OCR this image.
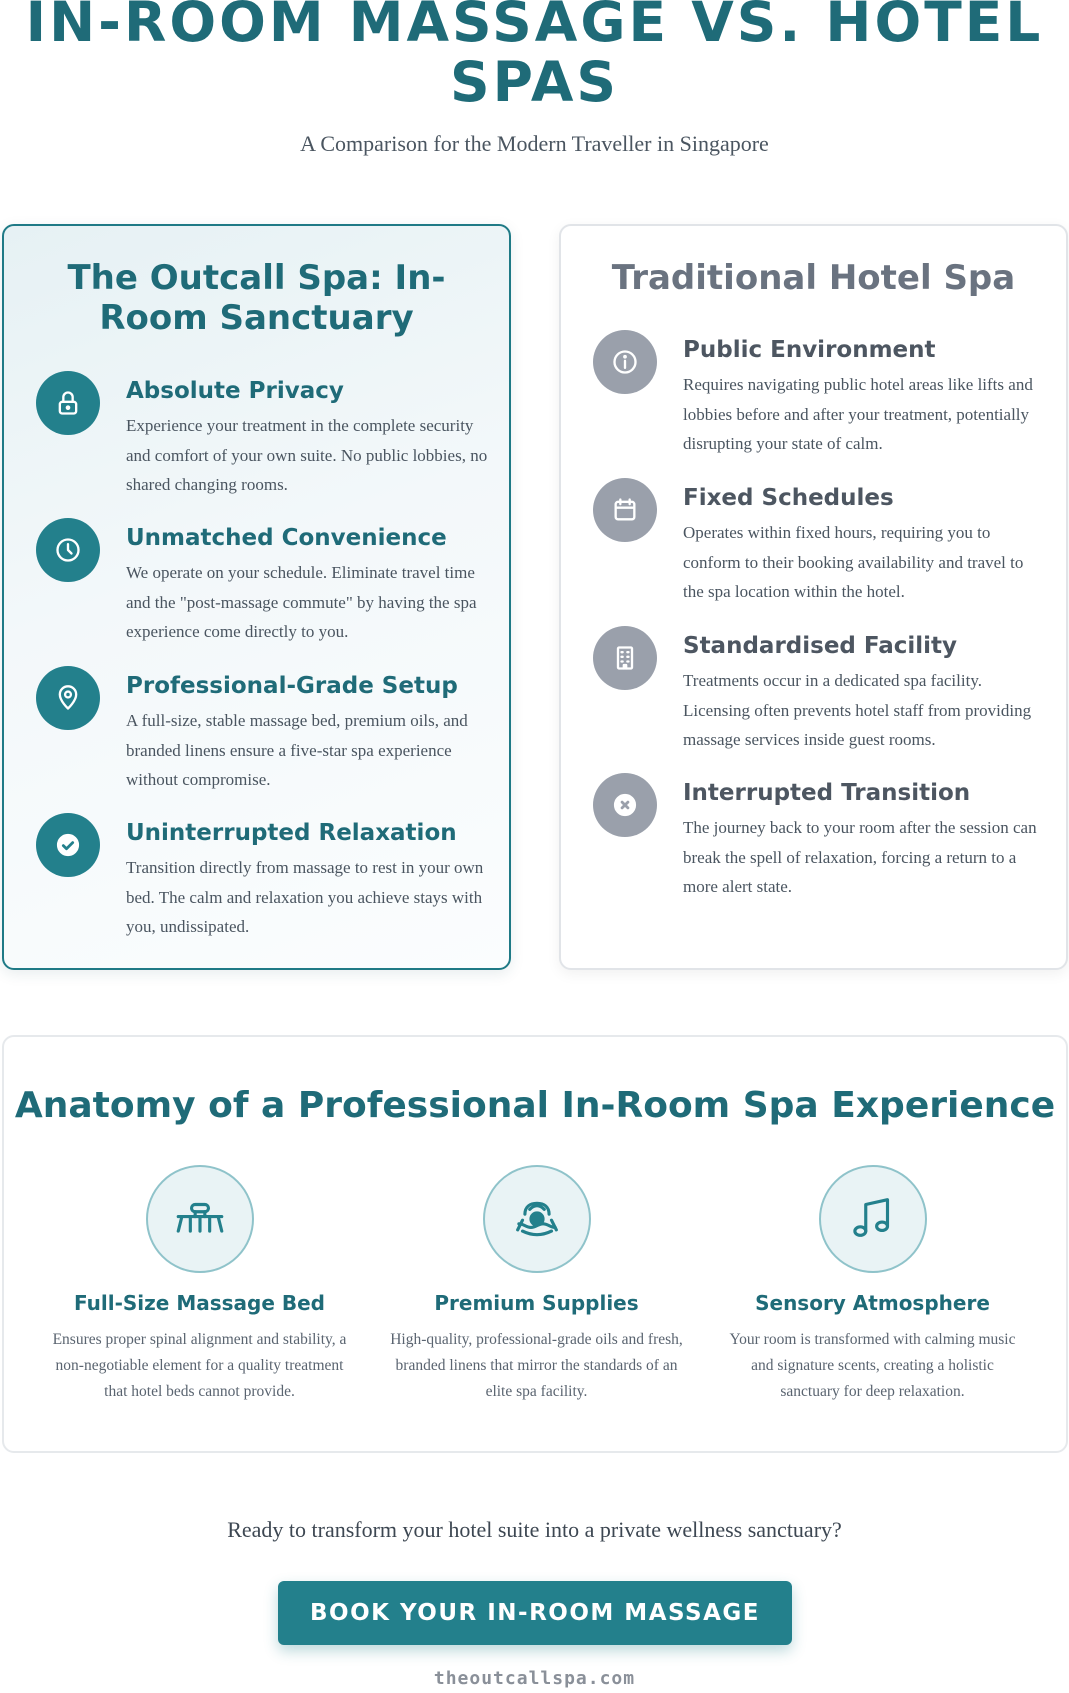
IN-ROOM MASSAGE VS. HOTEL SPAS
A Comparison for the Modern Traveller in Singapore
The Outcall Spa: In-Room Sanctuary
Absolute Privacy
Experience your treatment in the complete security and comfort of your own suite. No public lobbies, no shared changing rooms.
Unmatched Convenience
We operate on your schedule. Eliminate travel time and the "post-massage commute" by having the spa experience come directly to you.
Professional-Grade Setup
A full-size, stable massage bed, premium oils, and branded linens ensure a five-star spa experience without compromise.
Uninterrupted Relaxation
Transition directly from massage to rest in your own bed. The calm and relaxation you achieve stays with you, undissipated.
Traditional Hotel Spa
Public Environment
Requires navigating public hotel areas like lifts and lobbies before and after your treatment, potentially disrupting your state of calm.
Fixed Schedules
Operates within fixed hours, requiring you to conform to their booking availability and travel to the spa location within the hotel.
Standardised Facility
Treatments occur in a dedicated spa facility. Licensing often prevents hotel staff from providing massage services inside guest rooms.
Interrupted Transition
The journey back to your room after the session can break the spell of relaxation, forcing a return to a more alert state.
Anatomy of a Professional In-Room Spa Experience
Full-Size Massage Bed
Ensures proper spinal alignment and stability, a non-negotiable element for a quality treatment that hotel beds cannot provide.
Premium Supplies
High-quality, professional-grade oils and fresh, branded linens that mirror the standards of an elite spa facility.
Sensory Atmosphere
Your room is transformed with calming music and signature scents, creating a holistic sanctuary for deep relaxation.
Ready to transform your hotel suite into a private wellness sanctuary?
BOOK YOUR IN-ROOM MASSAGE
theoutcallspa.com
